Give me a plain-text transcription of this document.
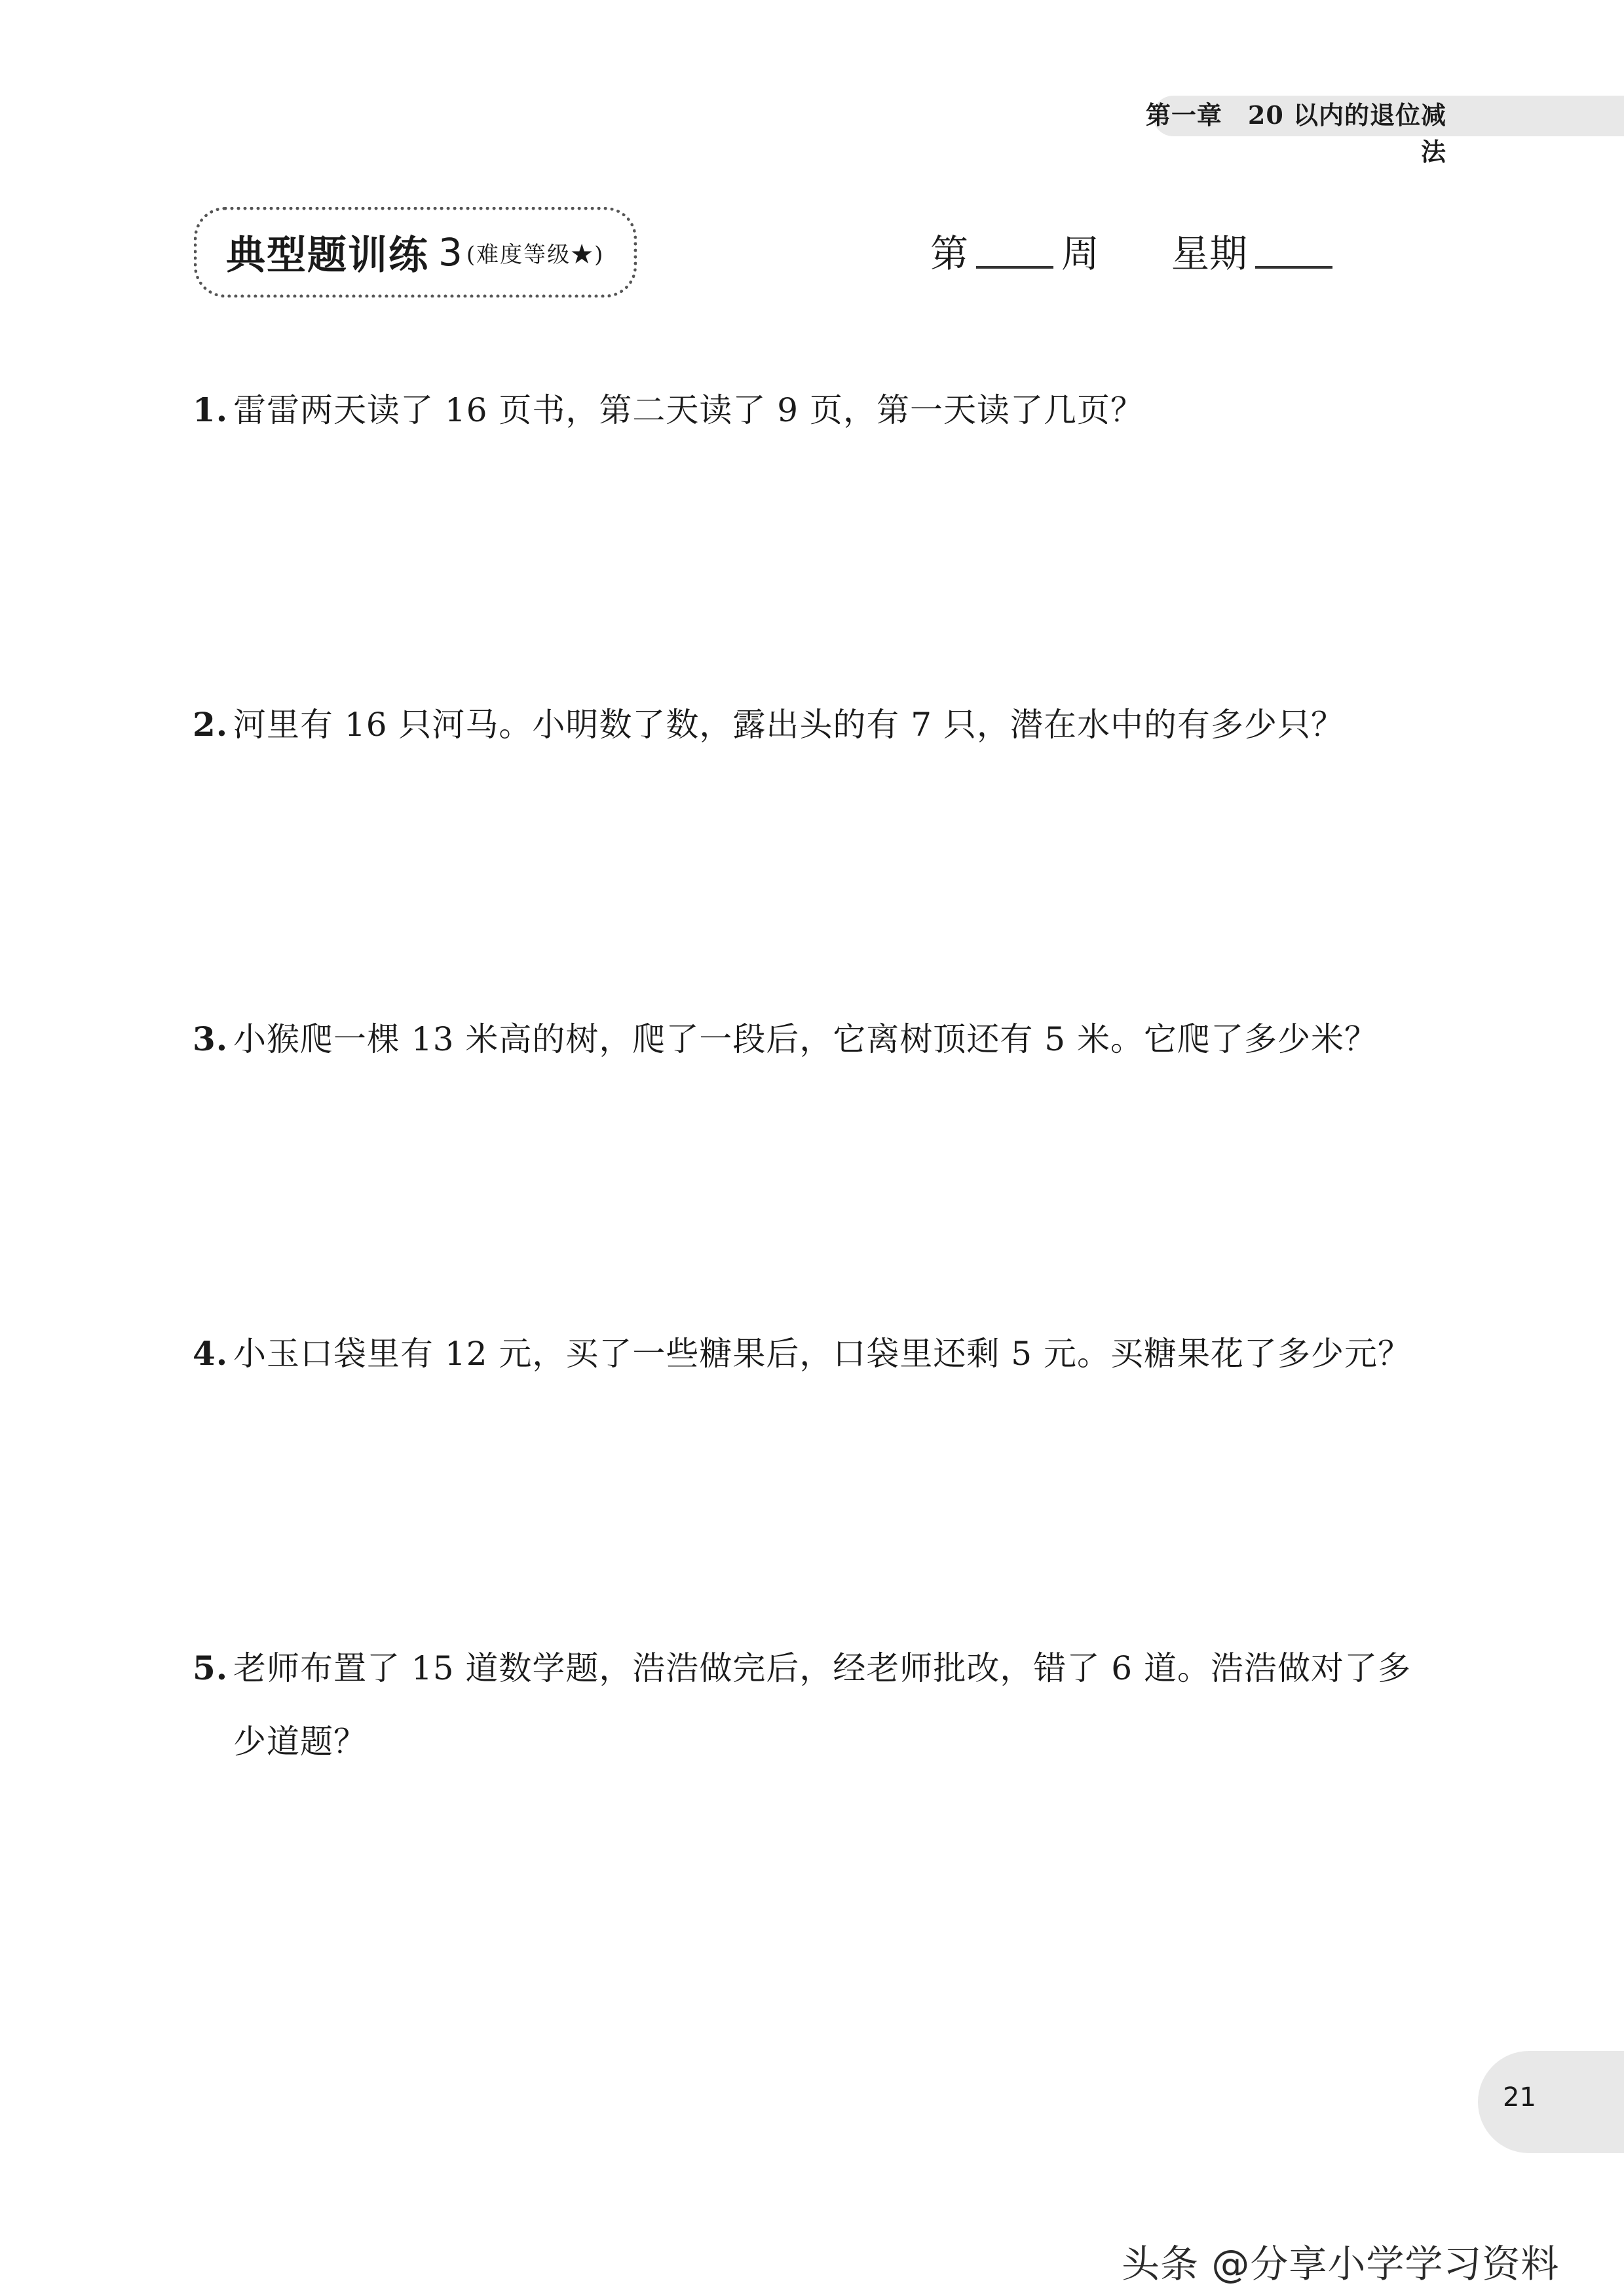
第一章　20 以内的退位减法
典型题训练 3 (难度等级★)	第 周 星期
1. 雷雷两天读了 16 页书，第二天读了 9 页，第一天读了几页？
2. 河里有 16 只河马。小明数了数，露出头的有 7 只，潜在水中的有多少只？
3. 小猴爬一棵 13 米高的树，爬了一段后，它离树顶还有 5 米。它爬了多少米？
4. 小玉口袋里有 12 元，买了一些糖果后，口袋里还剩 5 元。买糖果花了多少元？
5. 老师布置了 15 道数学题，浩浩做完后，经老师批改，错了 6 道。浩浩做对了多少道题？
21
头条 @分享小学学习资料
